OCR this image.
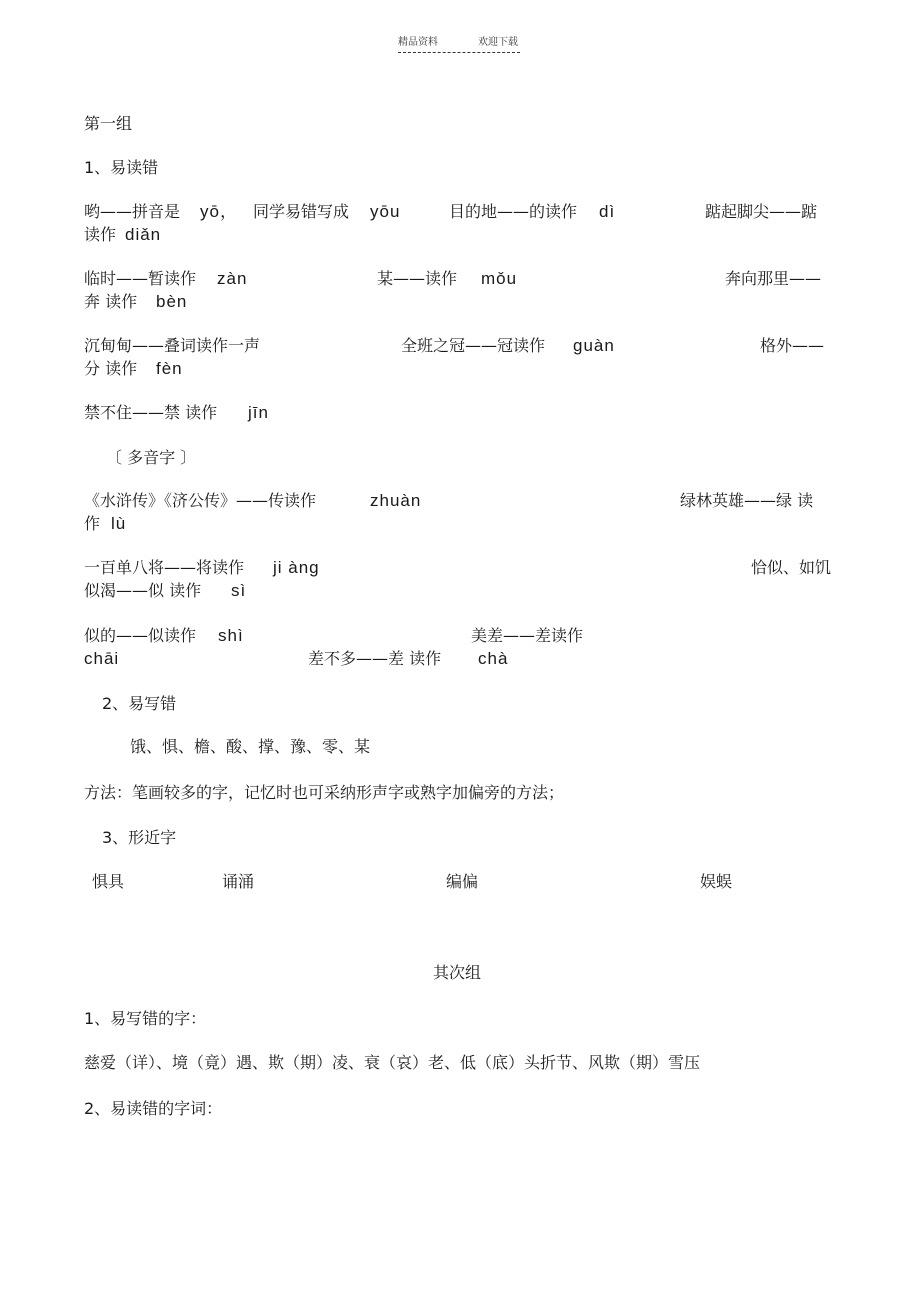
精品资料	欢迎下载
第一组
1、易读错
哟——拼音是 yō， 同学易错写成 yōu	目的地——的读作 dì	踮起脚尖——踮
读作 diǎn
临时——暂读作 zàn	某——读作 mǒu	奔向那里——
奔 读作 bèn
沉甸甸——叠词读作一声	全班之冠——冠读作 guàn	格外——
分 读作 fèn
禁不住——禁 读作 jīn
〔 多音字 〕
《水浒传》《济公传》——传读作	zhuàn	绿林英雄——绿 读
作 lù
一百单八将——将读作 ji àng	恰似、如饥
似渴——似 读作 sì
似的——似读作 shì	美差——差读作
chāi	差不多——差 读作 chà
2、易写错
饿、惧、檐、酸、撑、豫、零、某
方法：笔画较多的字，记忆时也可采纳形声字或熟字加偏旁的方法；
3、形近字
惧具	诵涌	编偏	娱蜈
其次组
1、易写错的字：
慈爱（详）、境（竟）遇、欺（期）凌、衰（哀）老、低（底）头折节、风欺（期）雪压
2、易读错的字词：
